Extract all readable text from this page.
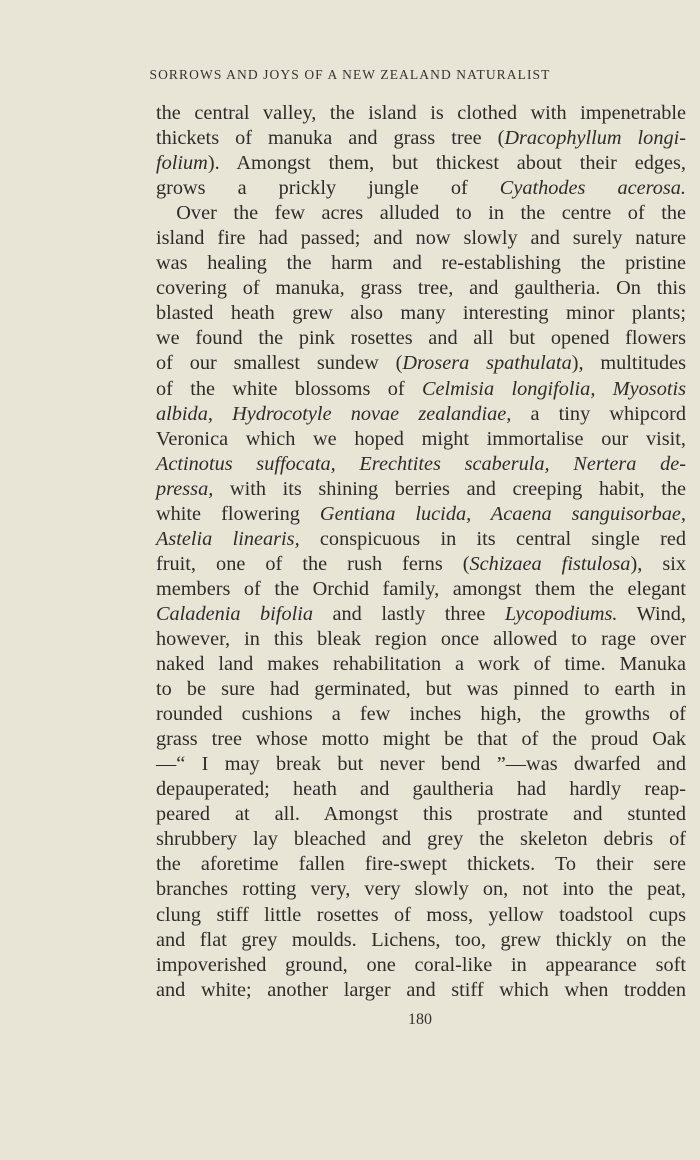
SORROWS AND JOYS OF A NEW ZEALAND NATURALIST
the central valley, the island is clothed with impenetrable
thickets of manuka and grass tree (Dracophyllum longi-
folium). Amongst them, but thickest about their edges,
grows a prickly jungle of Cyathodes acerosa.
 Over the few acres alluded to in the centre of the
island fire had passed; and now slowly and surely nature
was healing the harm and re-establishing the pristine
covering of manuka, grass tree, and gaultheria. On this
blasted heath grew also many interesting minor plants;
we found the pink rosettes and all but opened flowers
of our smallest sundew (Drosera spathulata), multitudes
of the white blossoms of Celmisia longifolia, Myosotis
albida, Hydrocotyle novae zealandiae, a tiny whipcord
Veronica which we hoped might immortalise our visit,
Actinotus suffocata, Erechtites scaberula, Nertera de-
pressa, with its shining berries and creeping habit, the
white flowering Gentiana lucida, Acaena sanguisorbae,
Astelia linearis, conspicuous in its central single red
fruit, one of the rush ferns (Schizaea fistulosa), six
members of the Orchid family, amongst them the elegant
Caladenia bifolia and lastly three Lycopodiums. Wind,
however, in this bleak region once allowed to rage over
naked land makes rehabilitation a work of time. Manuka
to be sure had germinated, but was pinned to earth in
rounded cushions a few inches high, the growths of
grass tree whose motto might be that of the proud Oak
—“ I may break but never bend ”—was dwarfed and
depauperated; heath and gaultheria had hardly reap-
peared at all. Amongst this prostrate and stunted
shrubbery lay bleached and grey the skeleton debris of
the aforetime fallen fire-swept thickets. To their sere
branches rotting very, very slowly on, not into the peat,
clung stiff little rosettes of moss, yellow toadstool cups
and flat grey moulds. Lichens, too, grew thickly on the
impoverished ground, one coral-like in appearance soft
and white; another larger and stiff which when trodden
180
